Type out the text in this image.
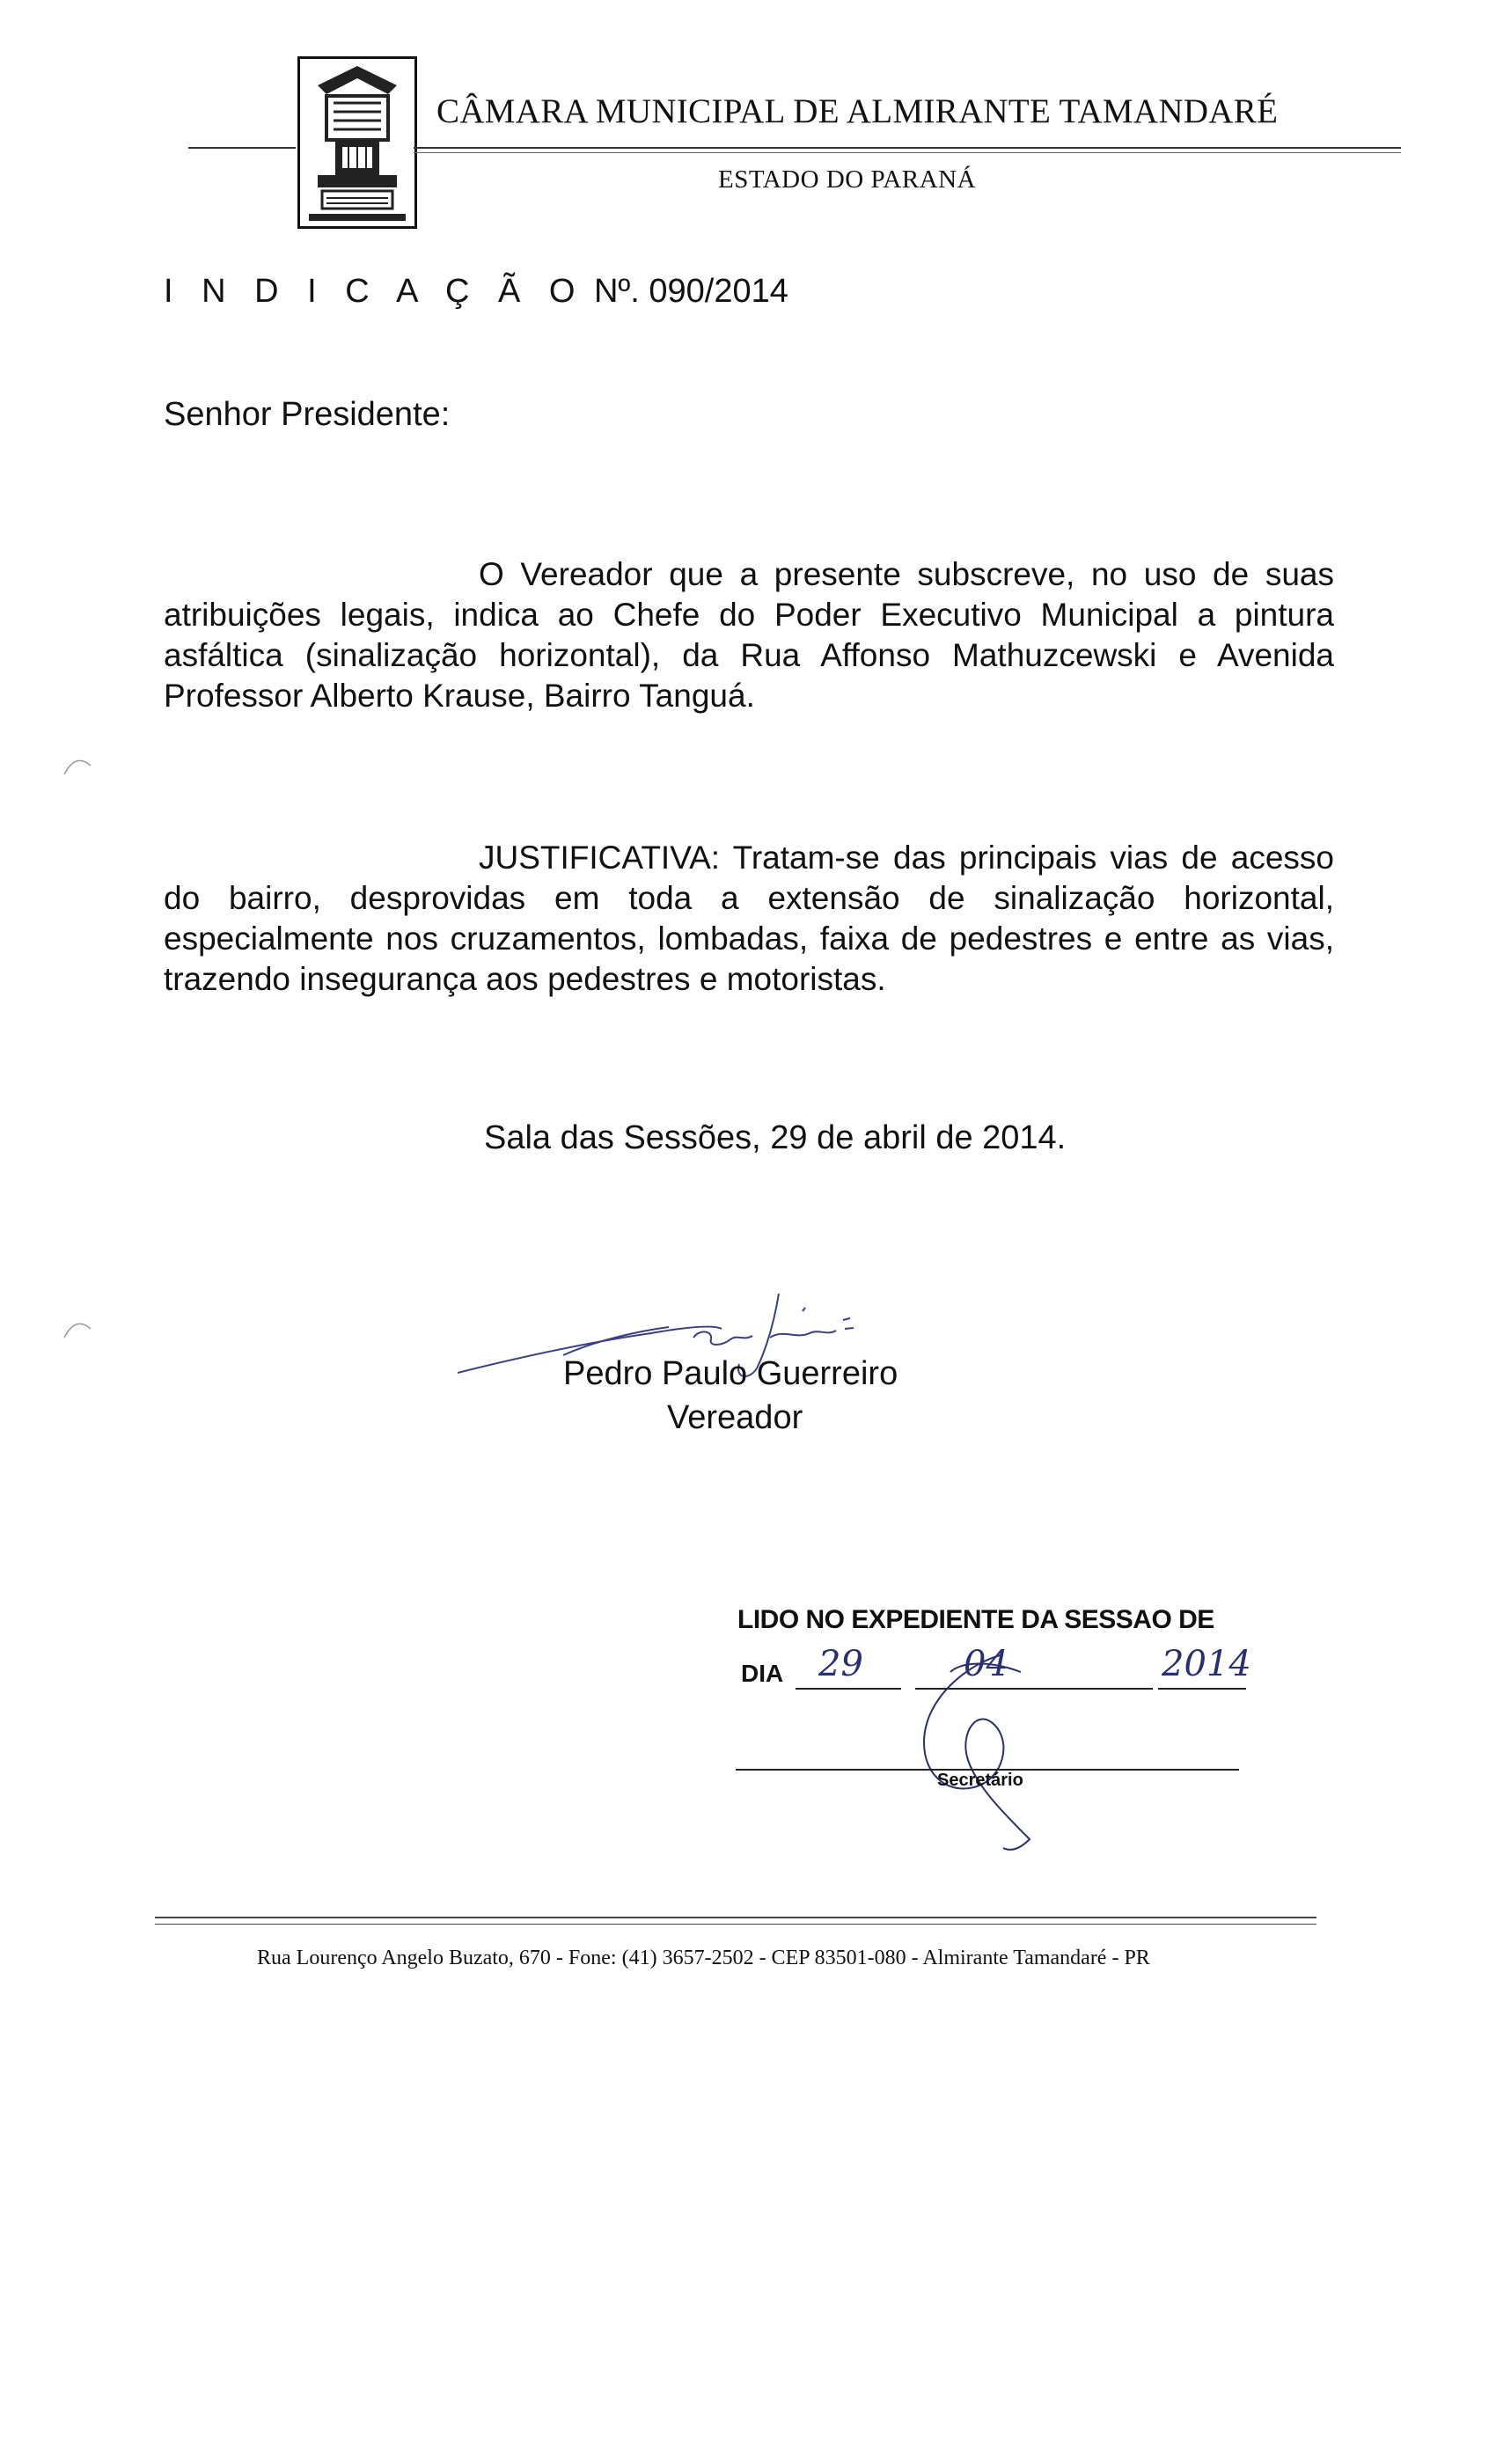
CÂMARA MUNICIPAL DE ALMIRANTE TAMANDARÉ
ESTADO DO PARANÁ
I N D I C A Ç Ã O Nº. 090/2014
Senhor Presidente:
O Vereador que a presente subscreve, no uso de suas atribuições legais, indica ao Chefe do Poder Executivo Municipal a pintura asfáltica (sinalização horizontal), da Rua Affonso Mathuzcewski e Avenida Professor Alberto Krause, Bairro Tanguá.
JUSTIFICATIVA: Tratam-se das principais vias de acesso do bairro, desprovidas em toda a extensão de sinalização horizontal, especialmente nos cruzamentos, lombadas, faixa de pedestres e entre as vias, trazendo insegurança aos pedestres e motoristas.
Sala das Sessões, 29 de abril de 2014.
Pedro Paulo Guerreiro
Vereador
LIDO NO EXPEDIENTE DA SESSAO DE
DIA 29	04	2014
Secretário
Rua Lourenço Angelo Buzato, 670 - Fone: (41) 3657-2502 - CEP 83501-080 - Almirante Tamandaré - PR
